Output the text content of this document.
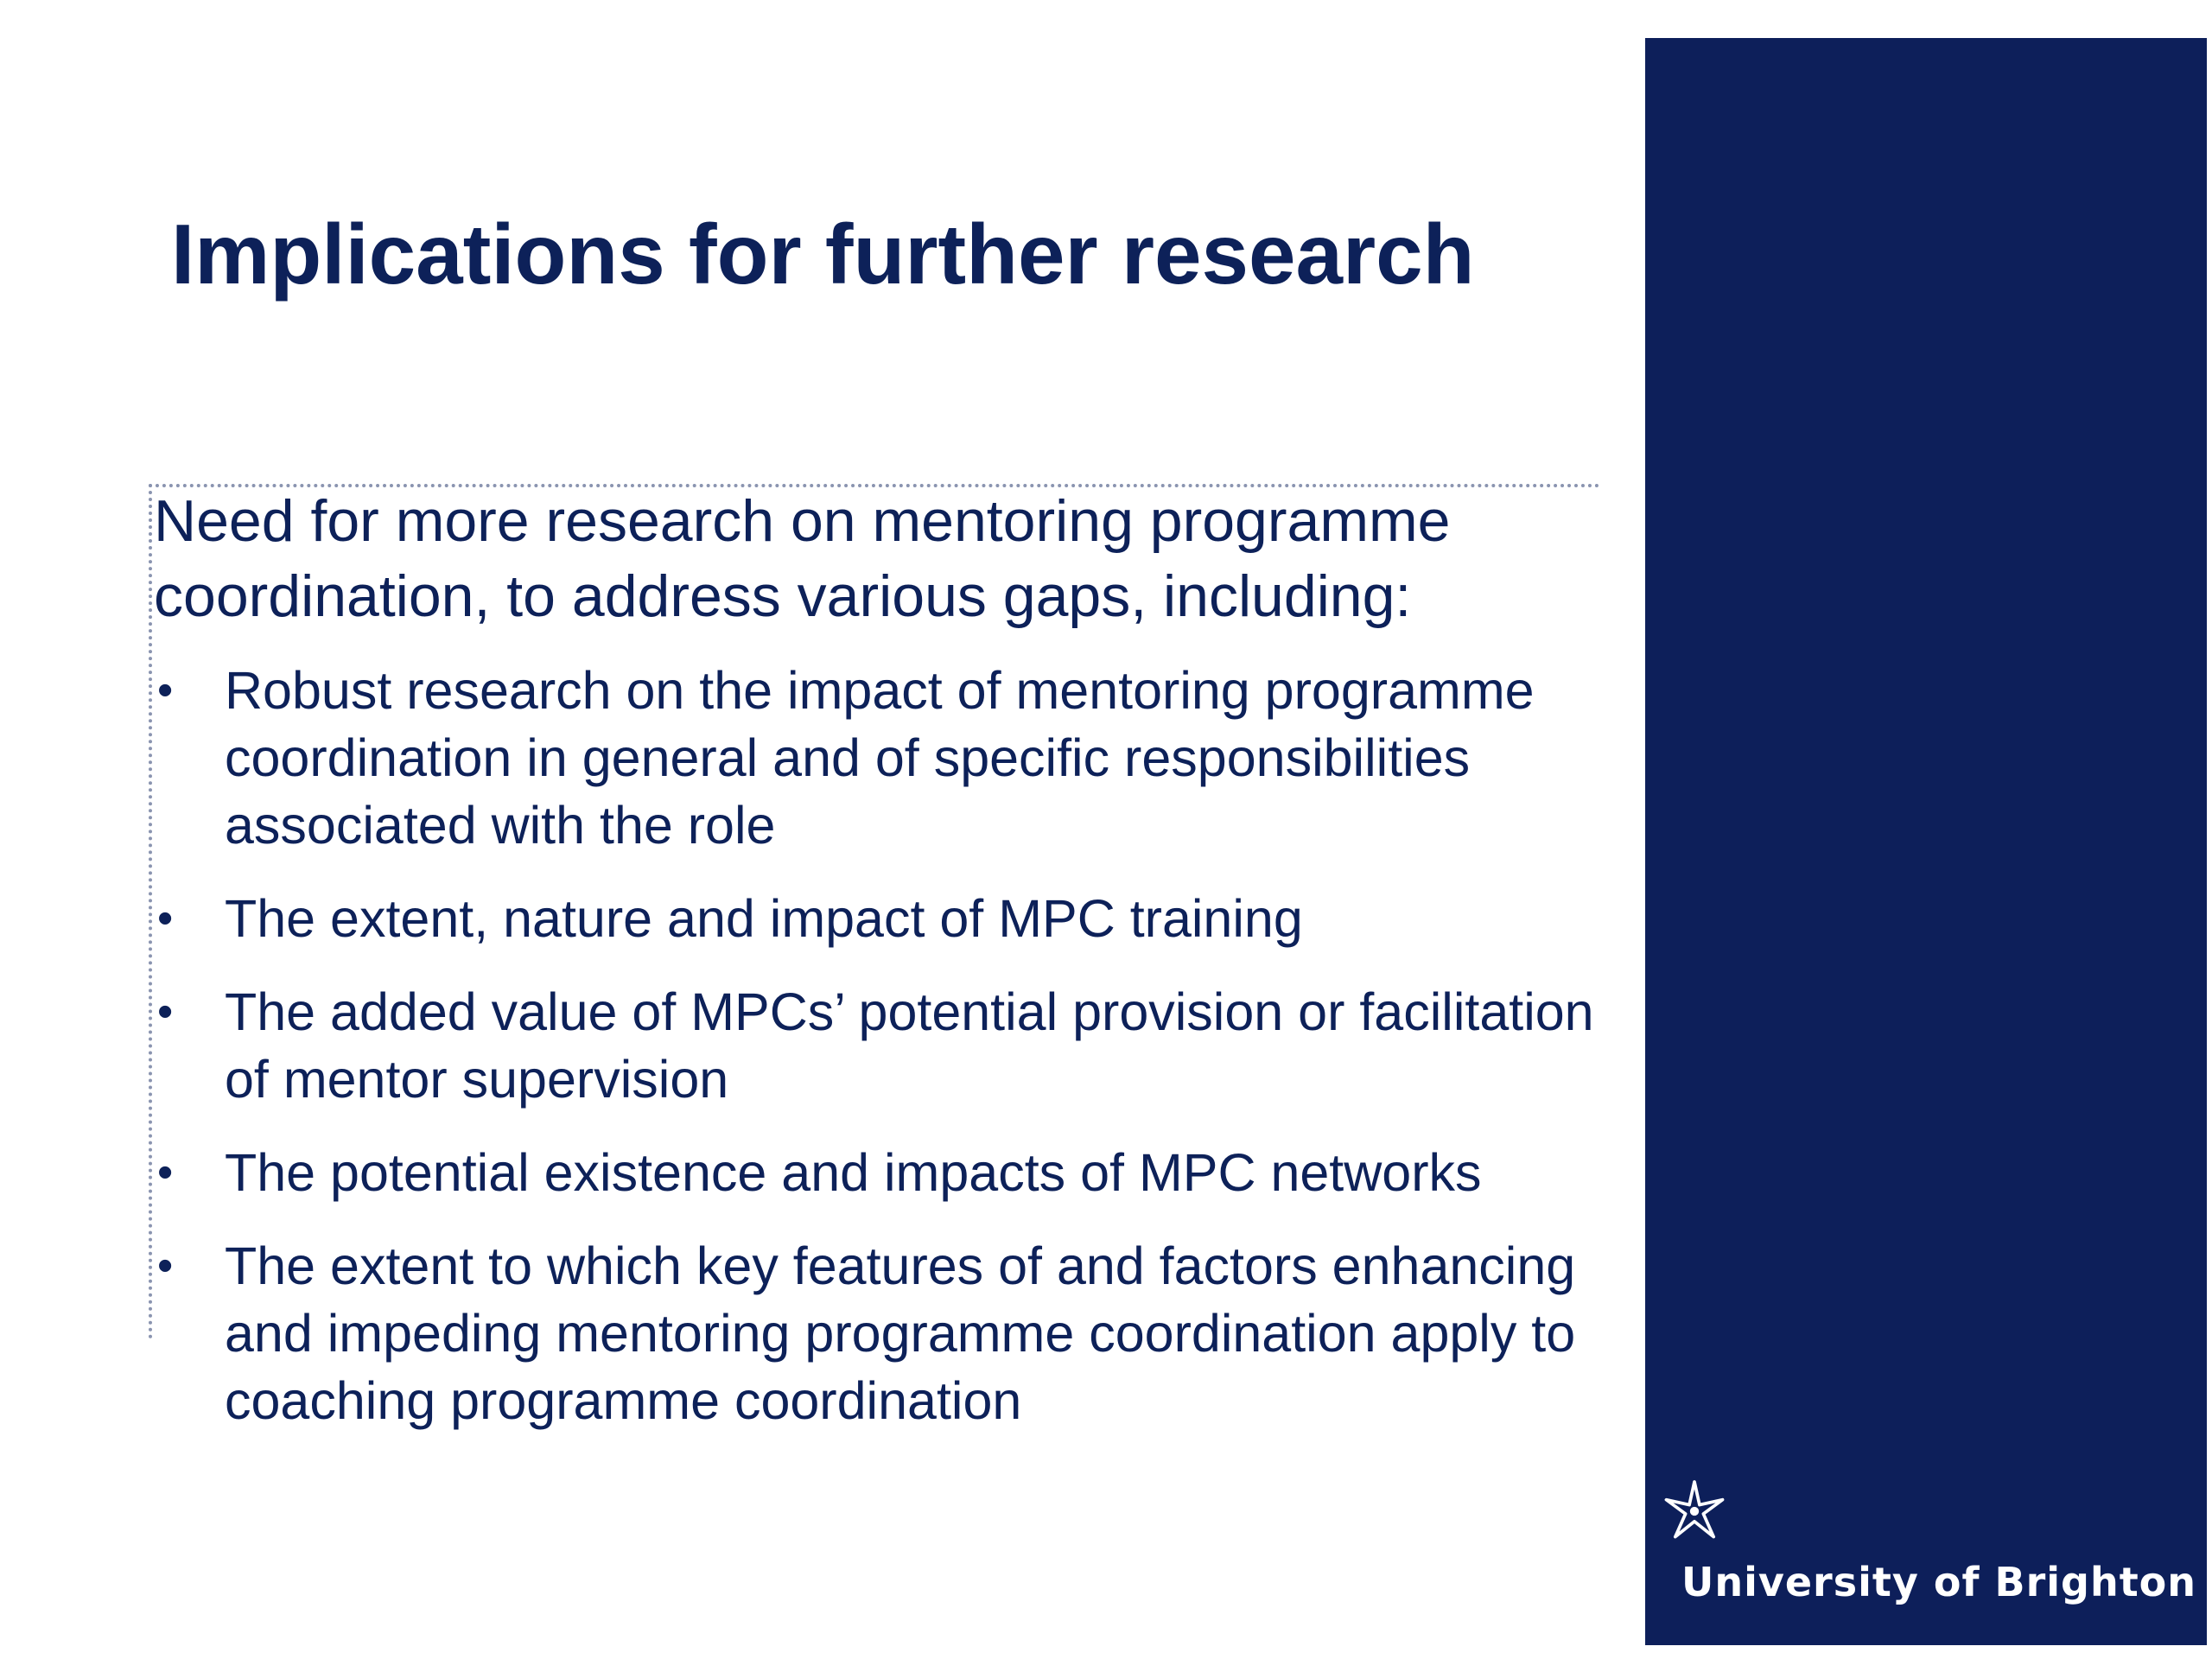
Implications for further research
Need for more research on mentoring programme coordination, to address various gaps, including:
• Robust research on the impact of mentoring programme coordination in general and of specific responsibilities associated with the role
• The extent, nature and impact of MPC training
• The added value of MPCs’ potential provision or facilitation of mentor supervision
• The potential existence and impacts of MPC networks
• The extent to which key features of and factors enhancing and impeding mentoring programme coordination apply to coaching programme coordination
University of Brighton
